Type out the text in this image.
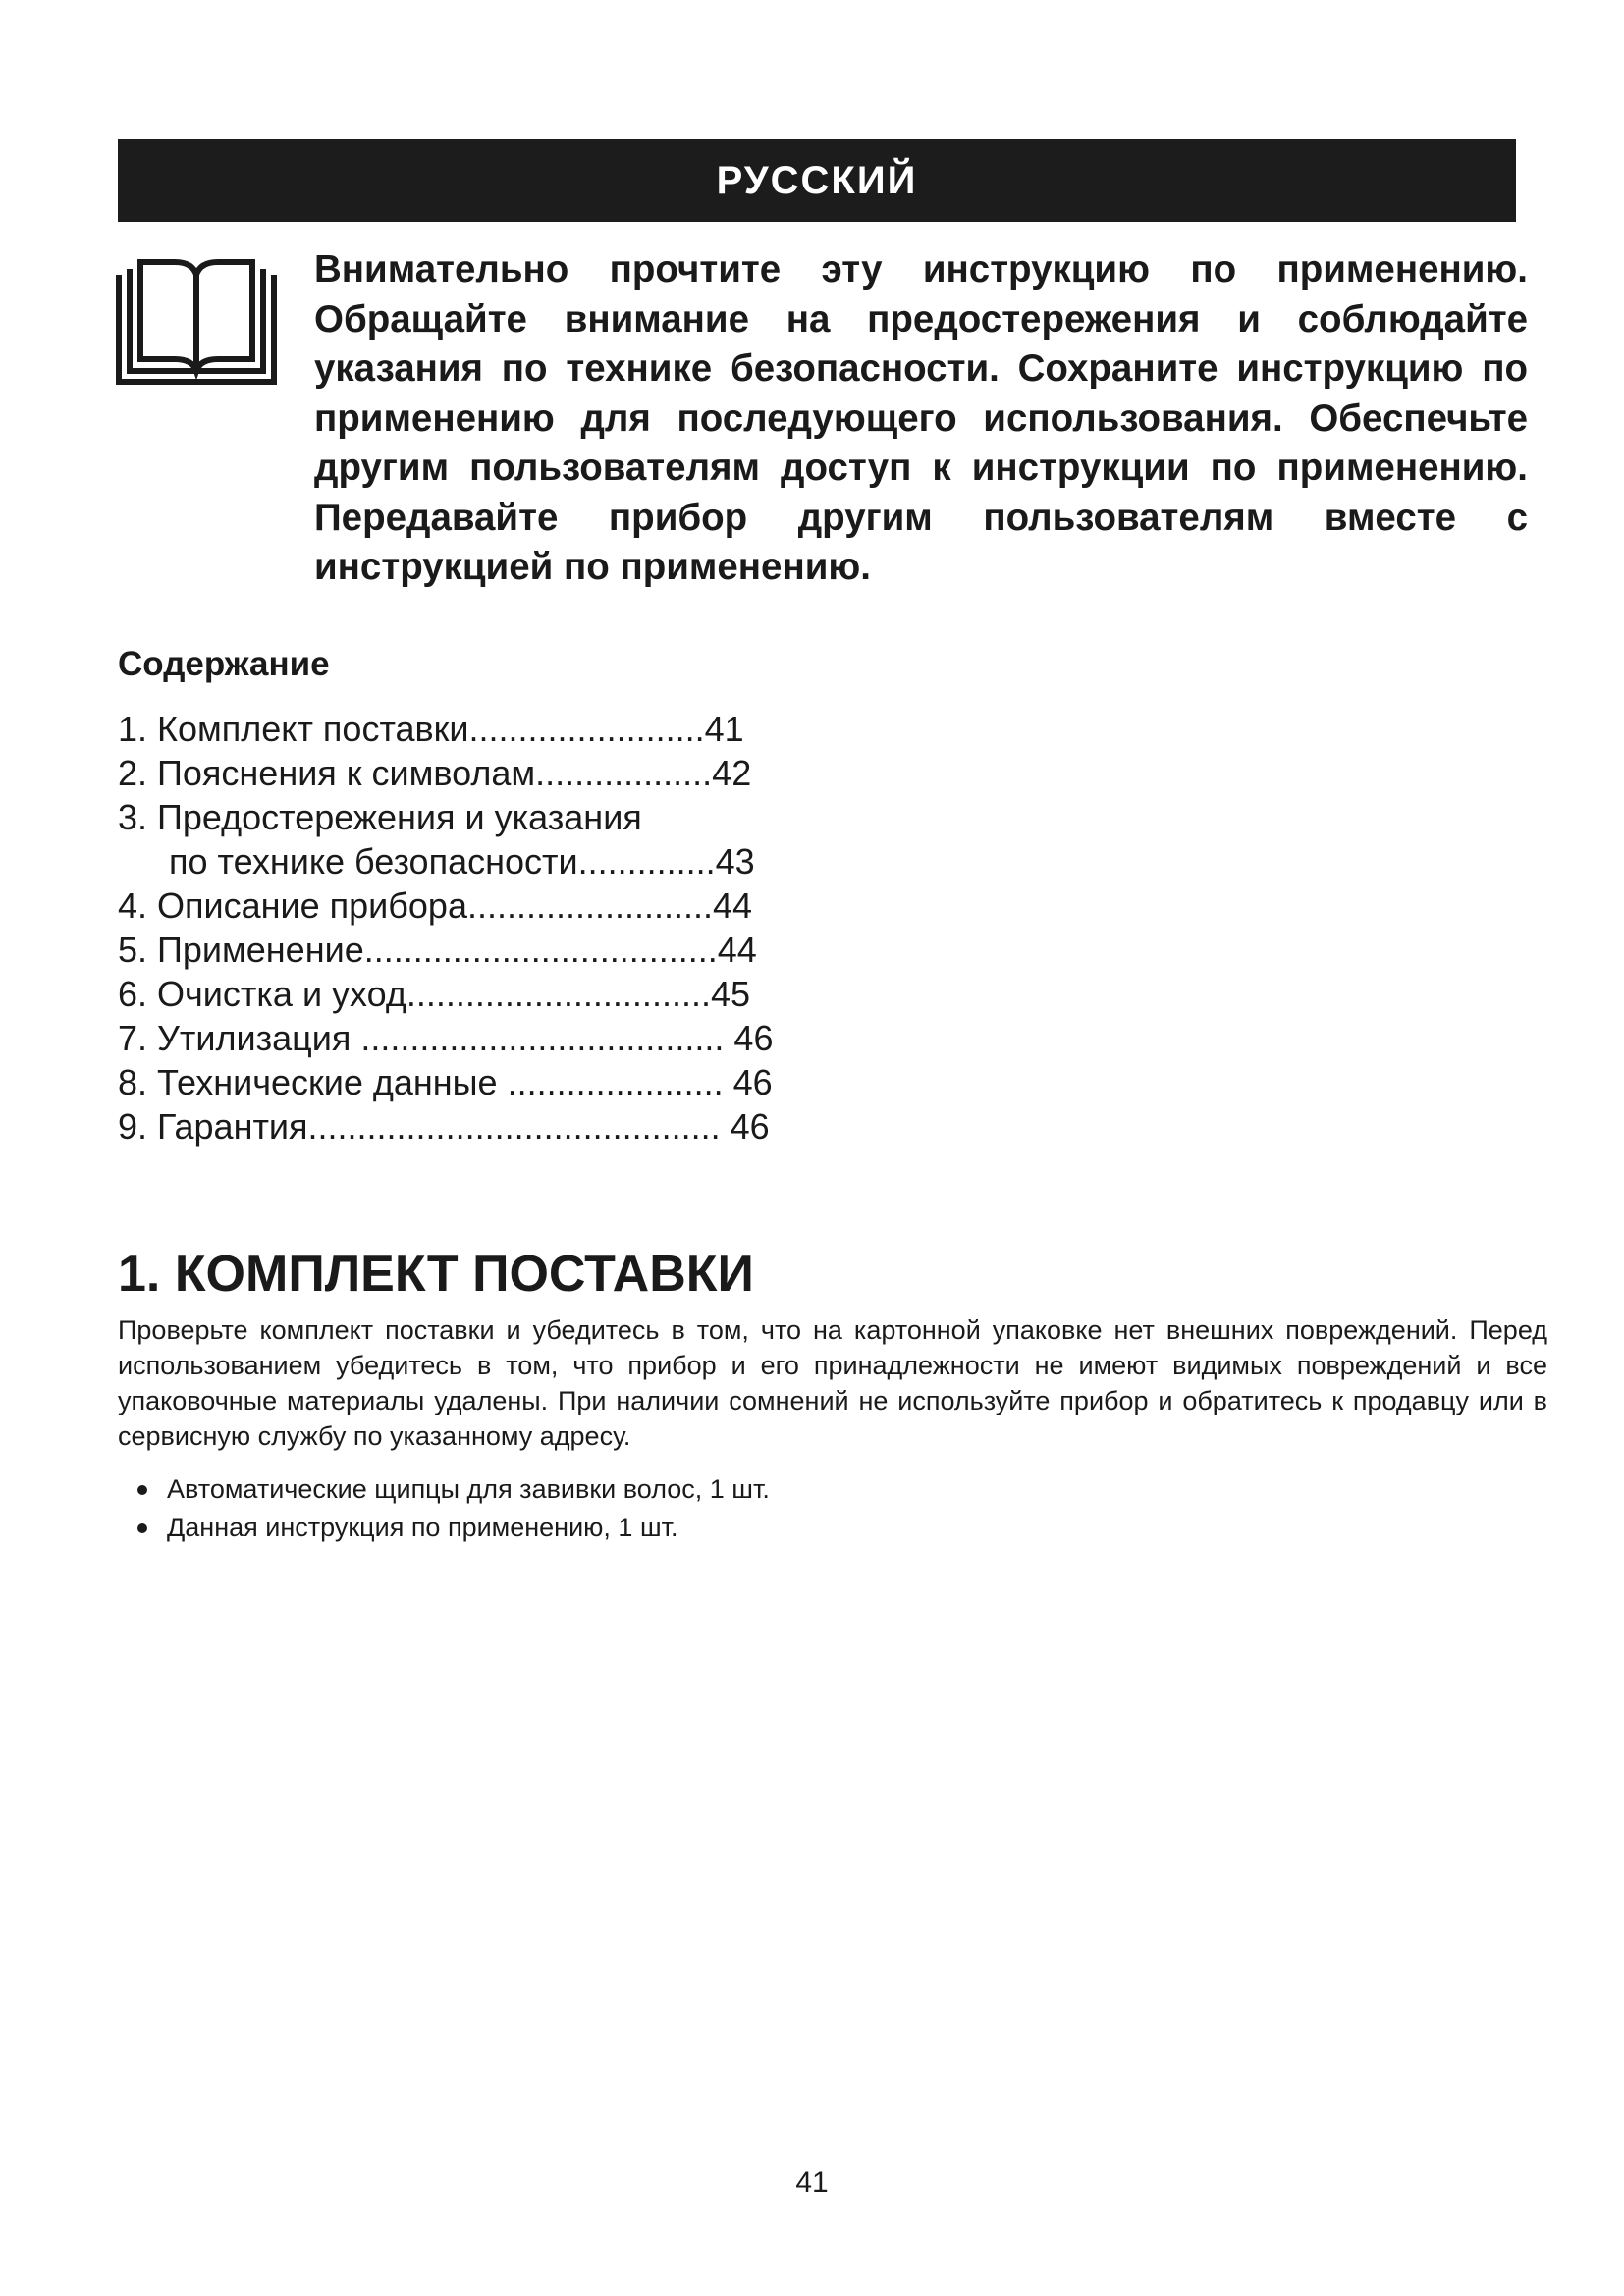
РУССКИЙ

Внимательно прочтите эту инструкцию по применению. Обращайте внимание на предостережения и соблюдайте указания по технике безопасности. Сохраните инструкцию по применению для последующего использования. Обеспечьте другим пользователям доступ к инструкции по применению. Передавайте прибор другим пользователям вместе с инструкцией по применению.

Содержание
1. Комплект поставки........................41
2. Пояснения к символам..................42
3. Предостережения и указания
по технике безопасности..............43
4. Описание прибора.........................44
5. Применение....................................44
6. Очистка и уход...............................45
7. Утилизация ..................................... 46
8. Технические данные ...................... 46
9. Гарантия.......................................... 46
1. КОМПЛЕКТ ПОСТАВКИ

Проверьте комплект поставки и убедитесь в том, что на картонной упаковке нет внешних повреждений. Перед использованием убедитесь в том, что прибор и его принадлежности не имеют видимых повреждений и все упаковочные материалы удалены. При наличии сомнений не используйте прибор и обратитесь к продавцу или в сервисную службу по указанному адресу.

Автоматические щипцы для завивки волос, 1 шт.
Данная инструкция по применению, 1 шт.
41
